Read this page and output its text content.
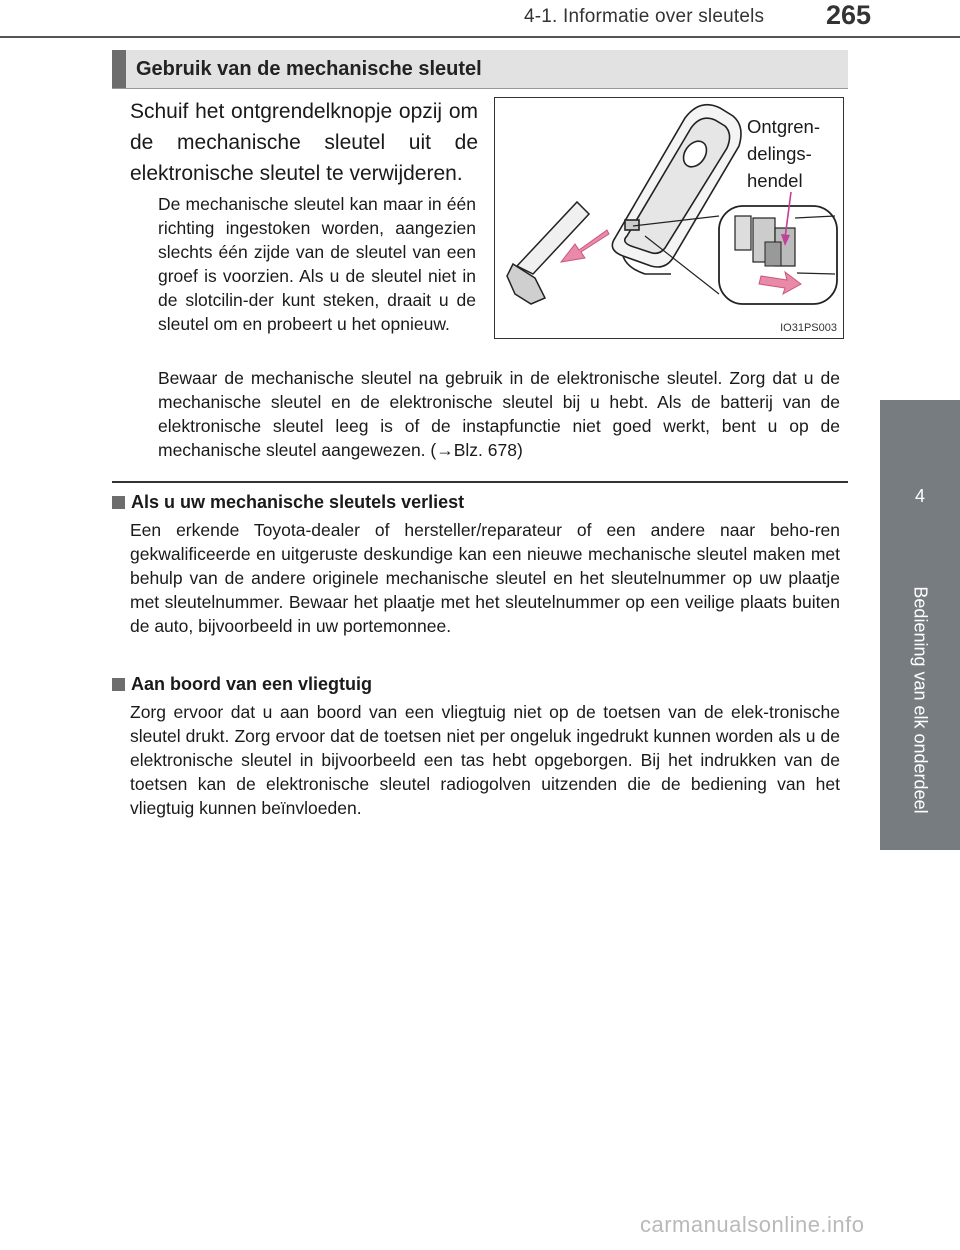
4-1. Informatie over sleutels 265
4
Bediening van elk onderdeel
Gebruik van de mechanische sleutel
Schuif het ontgrendelknopje opzij om de mechanische sleutel uit de elektronische sleutel te verwijderen.
De mechanische sleutel kan maar in één richting ingestoken worden, aangezien slechts één zijde van de sleutel van een groef is voorzien. Als u de sleutel niet in de slotcilin-der kunt steken, draait u de sleutel om en probeert u het opnieuw.
Ontgren-
delings-
hendel
IO31PS003
Bewaar de mechanische sleutel na gebruik in de elektronische sleutel. Zorg dat u de mechanische sleutel en de elektronische sleutel bij u hebt. Als de batterij van de elektronische sleutel leeg is of de instapfunctie niet goed werkt, bent u op de mechanische sleutel aangewezen. (→Blz. 678)
Als u uw mechanische sleutels verliest
Een erkende Toyota-dealer of hersteller/reparateur of een andere naar beho-ren gekwalificeerde en uitgeruste deskundige kan een nieuwe mechanische sleutel maken met behulp van de andere originele mechanische sleutel en het sleutelnummer op uw plaatje met sleutelnummer. Bewaar het plaatje met het sleutelnummer op een veilige plaats buiten de auto, bijvoorbeeld in uw portemonnee.
Aan boord van een vliegtuig
Zorg ervoor dat u aan boord van een vliegtuig niet op de toetsen van de elek-tronische sleutel drukt. Zorg ervoor dat de toetsen niet per ongeluk ingedrukt kunnen worden als u de elektronische sleutel in bijvoorbeeld een tas hebt opgeborgen. Bij het indrukken van de toetsen kan de elektronische sleutel radiogolven uitzenden die de bediening van het vliegtuig kunnen beïnvloeden.
carmanualsonline.info
